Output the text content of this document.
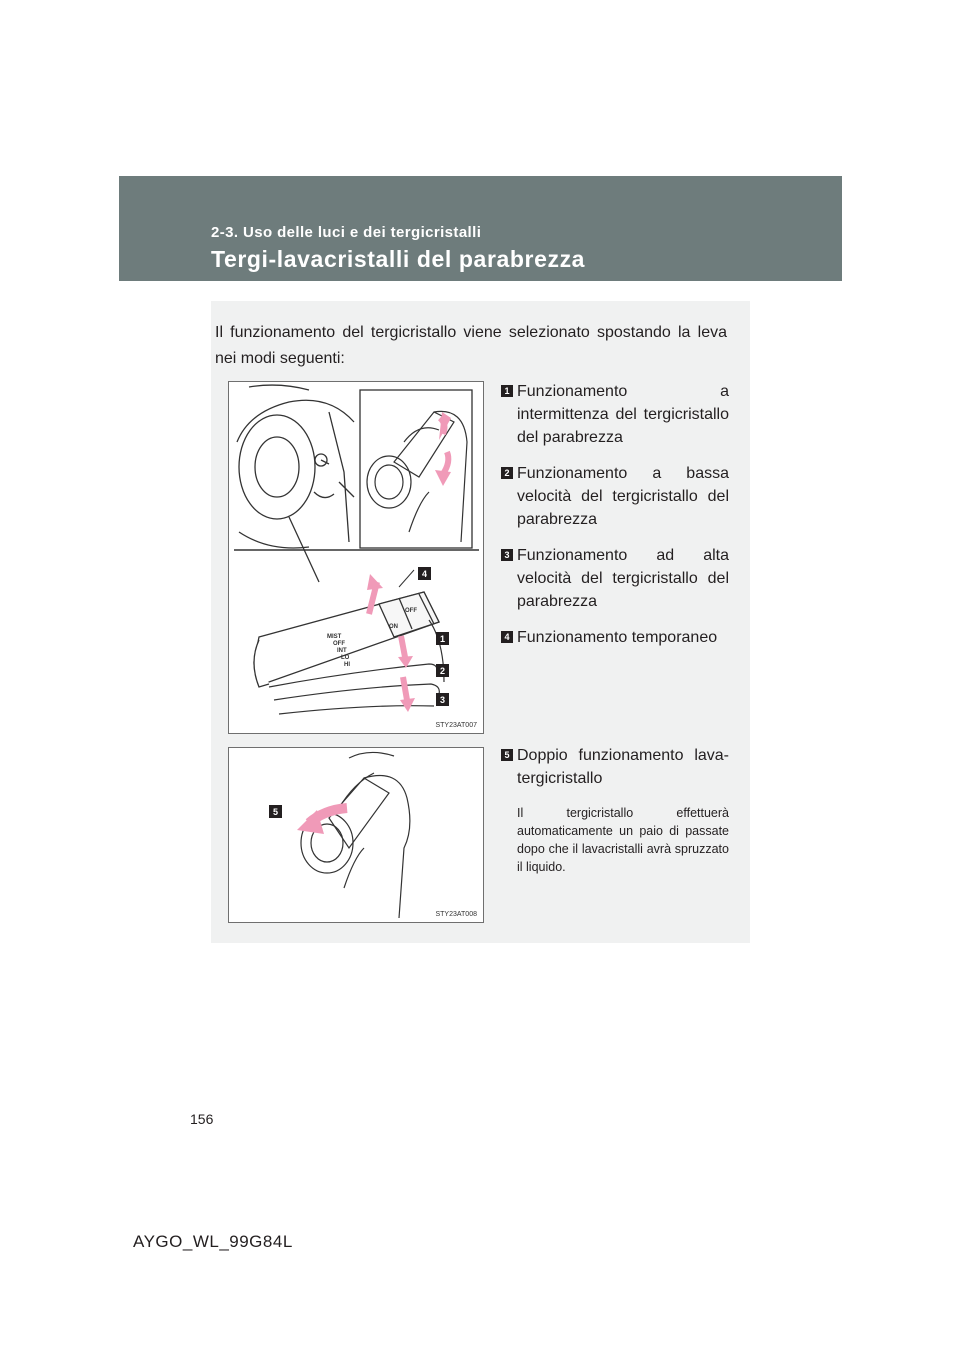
2-3. Uso delle luci e dei tergicristalli
Tergi-lavacristalli del parabrezza
Il funzionamento del tergicristallo viene selezionato spostando la leva nei modi seguenti:
MIST
OFF
INT
LO
HI
OFF
ON
4
1
2
3
STY23AT007
1 Funzionamento a intermittenza del tergicristallo del parabrezza
2 Funzionamento a bassa velocità del tergicristallo del parabrezza
3 Funzionamento ad alta velocità del tergicristallo del parabrezza
4 Funzionamento temporaneo
5
STY23AT008
5 Doppio funzionamento lava-tergicristallo
Il tergicristallo effettuerà automaticamente un paio di passate dopo che il lavacristalli avrà spruzzato il liquido.
156
AYGO_WL_99G84L
